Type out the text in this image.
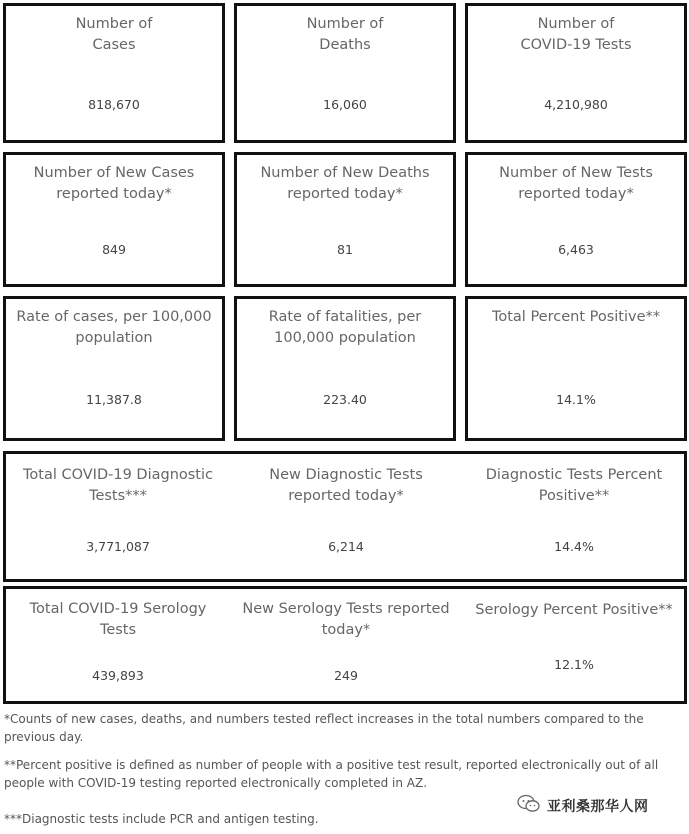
Number of
Cases
818,670
Number of
Deaths
16,060
Number of
COVID-19 Tests
4,210,980
Number of New Cases
reported today*
849
Number of New Deaths
reported today*
81
Number of New Tests
reported today*
6,463
Rate of cases, per 100,000
population
11,387.8
Rate of fatalities, per
100,000 population
223.40
Total Percent Positive**
14.1%
Total COVID-19 Diagnostic
Tests***
3,771,087
New Diagnostic Tests
reported today*
6,214
Diagnostic Tests Percent
Positive**
14.4%
Total COVID-19 Serology
Tests
439,893
New Serology Tests reported
today*
249
Serology Percent Positive**
12.1%
*Counts of new cases, deaths, and numbers tested reflect increases in the total numbers compared to the previous day.
**Percent positive is defined as number of people with a positive test result, reported electronically out of all people with COVID-19 testing reported electronically completed in AZ.
***Diagnostic tests include PCR and antigen testing.
亚利桑那华人网
